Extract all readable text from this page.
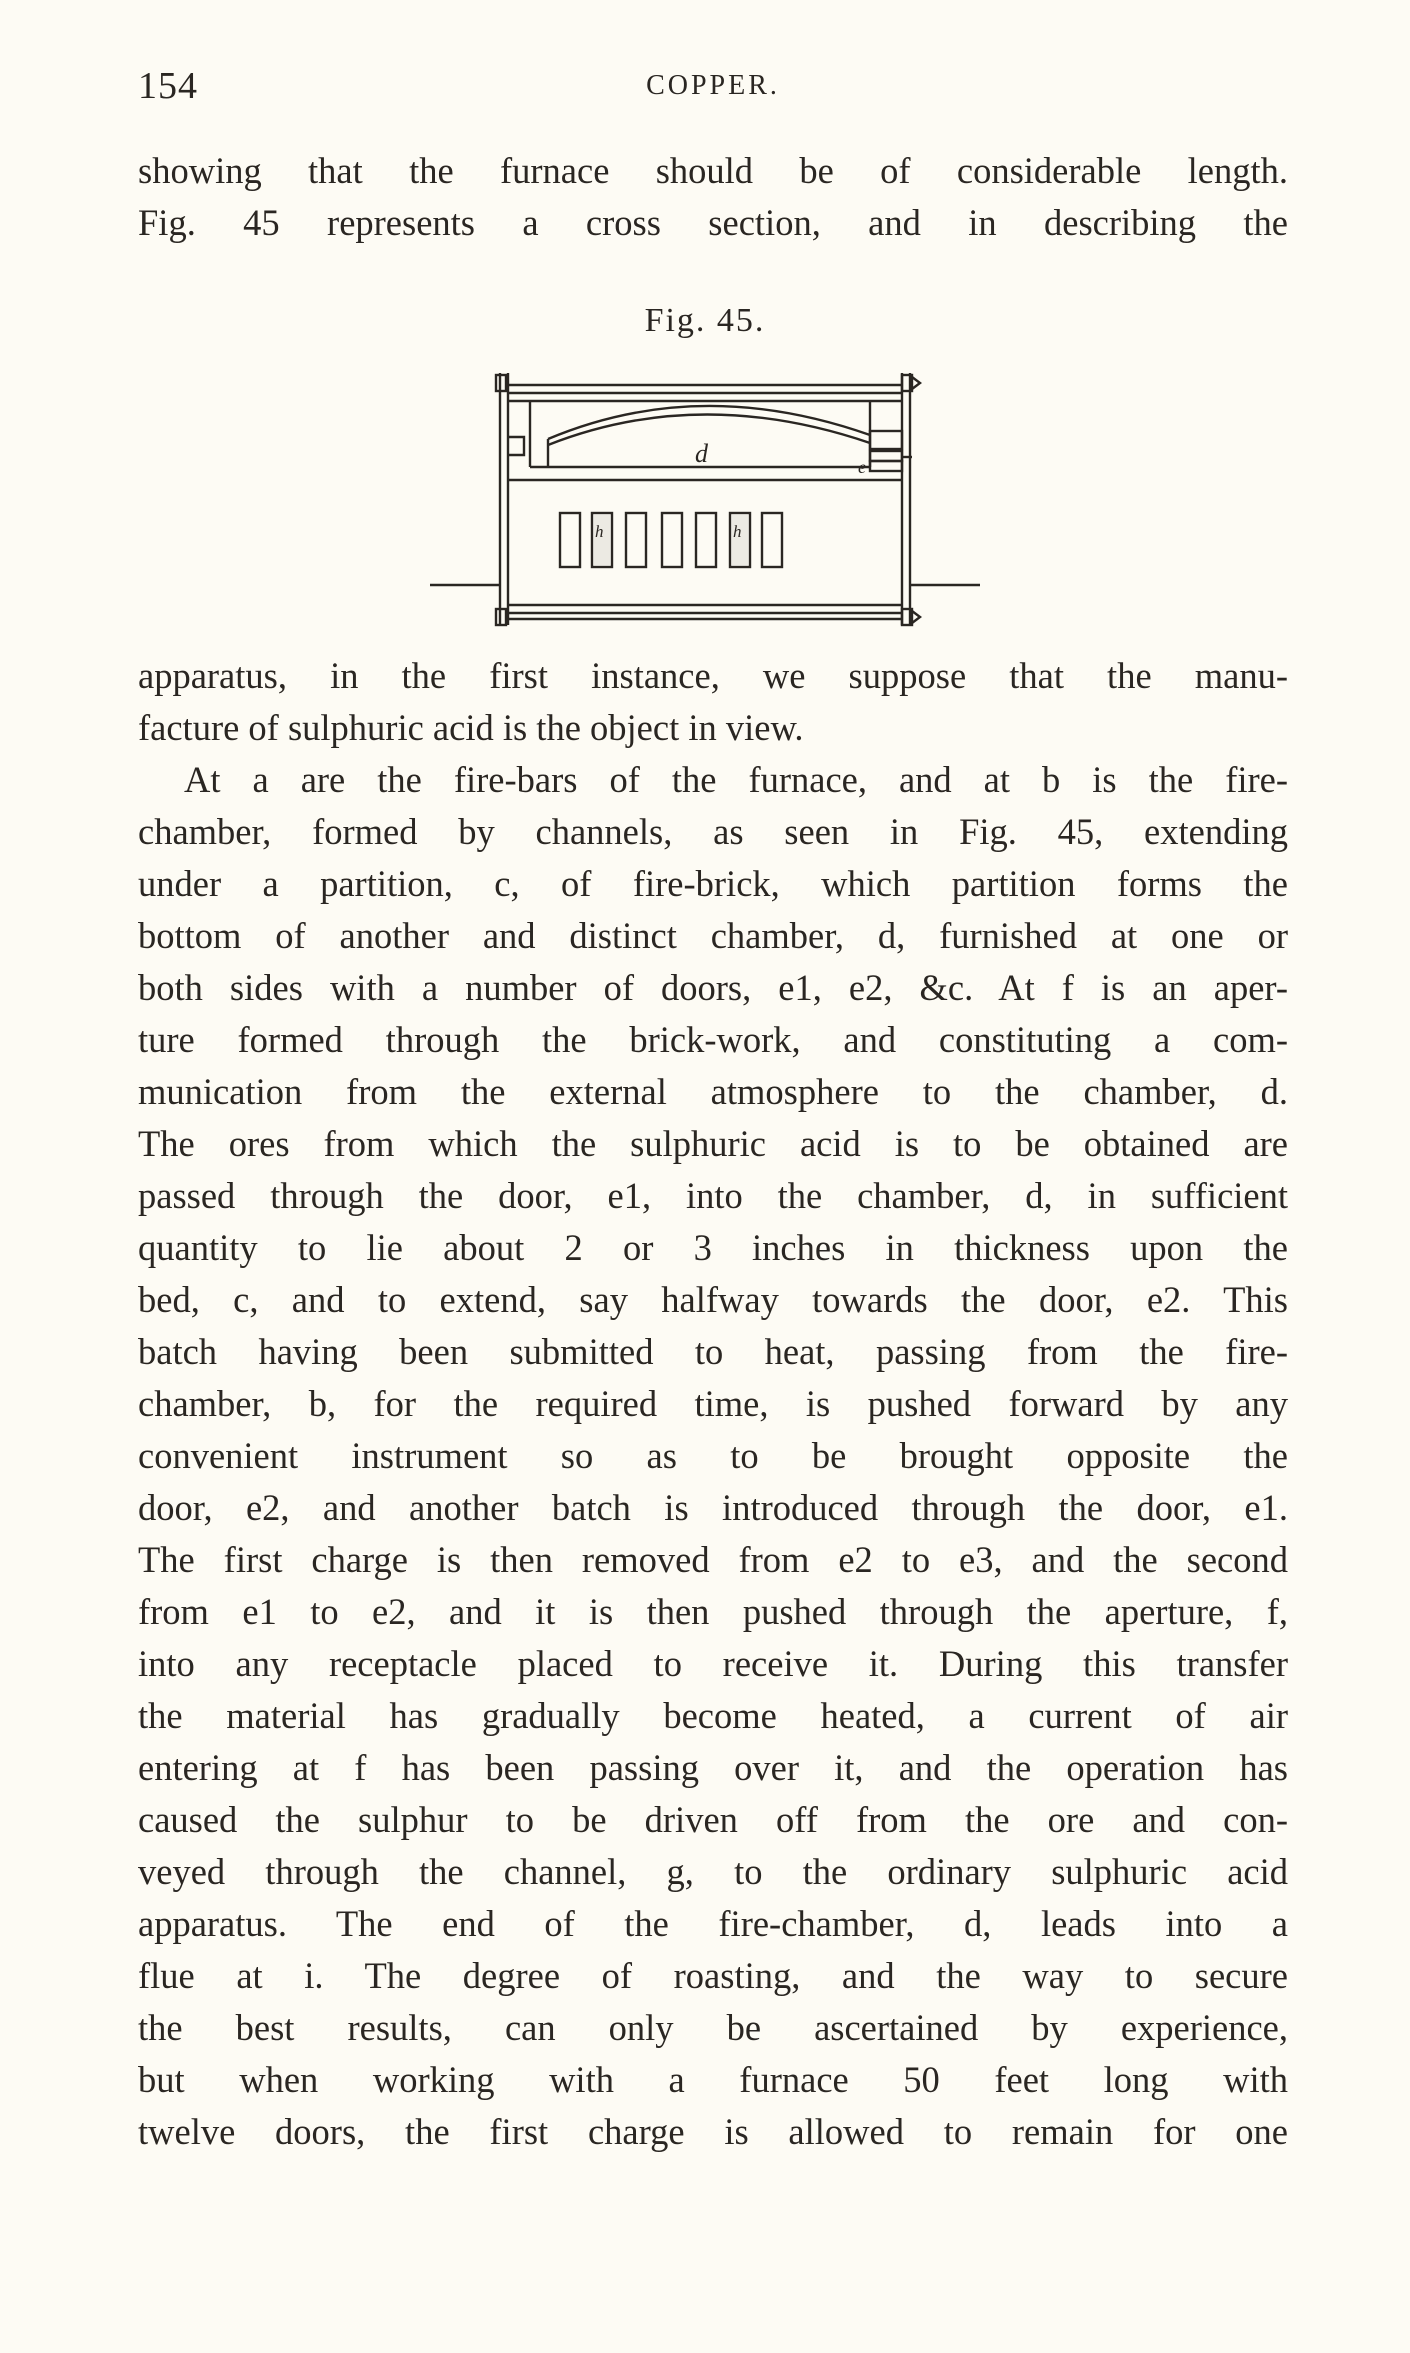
154	COPPER.
showing that the furnace should be of considerable length.
Fig. 45 represents a cross section, and in describing the
Fig. 45.
d	e
h	h
apparatus, in the first instance, we suppose that the manu-
facture of sulphuric acid is the object in view.
At a are the fire-bars of the furnace, and at b is the fire-
chamber, formed by channels, as seen in Fig. 45, extending
under a partition, c, of fire-brick, which partition forms the
bottom of another and distinct chamber, d, furnished at one or
both sides with a number of doors, e1, e2, &c. At f is an aper-
ture formed through the brick-work, and constituting a com-
munication from the external atmosphere to the chamber, d.
The ores from which the sulphuric acid is to be obtained are
passed through the door, e1, into the chamber, d, in sufficient
quantity to lie about 2 or 3 inches in thickness upon the
bed, c, and to extend, say halfway towards the door, e2. This
batch having been submitted to heat, passing from the fire-
chamber, b, for the required time, is pushed forward by any
convenient instrument so as to be brought opposite the
door, e2, and another batch is introduced through the door, e1.
The first charge is then removed from e2 to e3, and the second
from e1 to e2, and it is then pushed through the aperture, f,
into any receptacle placed to receive it. During this transfer
the material has gradually become heated, a current of air
entering at f has been passing over it, and the operation has
caused the sulphur to be driven off from the ore and con-
veyed through the channel, g, to the ordinary sulphuric acid
apparatus. The end of the fire-chamber, d, leads into a
flue at i. The degree of roasting, and the way to secure
the best results, can only be ascertained by experience,
but when working with a furnace 50 feet long with
twelve doors, the first charge is allowed to remain for one
